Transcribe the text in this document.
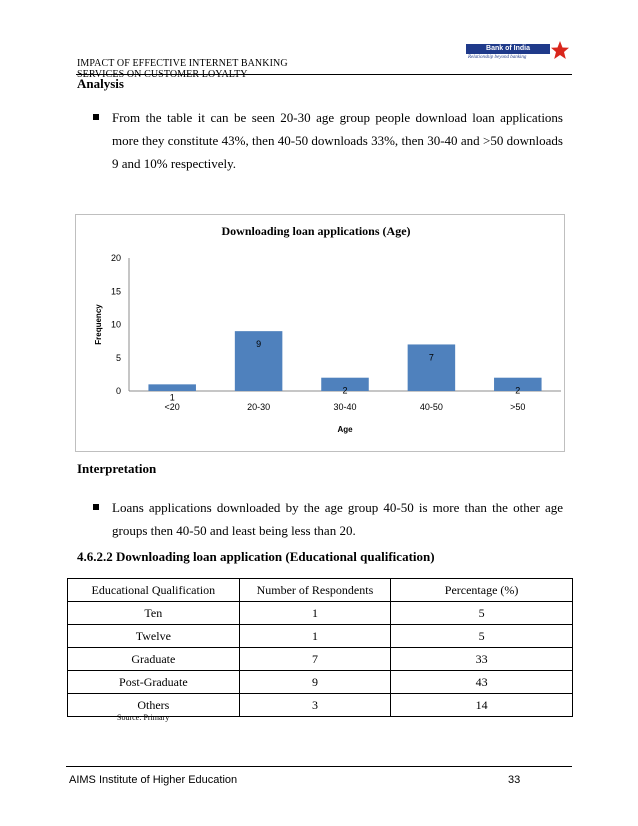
IMPACT OF EFFECTIVE INTERNET BANKING
SERVICES ON CUSTOMER LOYALTY
Bank of India
Relationship beyond banking
Analysis
From the table it can be seen 20-30 age group people download loan applications more they constitute 43%, then 40-50 downloads 33%, then 30-40 and >50 downloads 9 and 10% respectively.
Downloading loan applications (Age)
0
5
10
15
20
Frequency
1
<20
9
20-30
2
30-40
7
40-50
2
>50
Age
Interpretation
Loans applications downloaded by the age group 40-50 is more than the other age groups then 40-50 and least being less than 20.
4.6.2.2 Downloading loan application (Educational qualification)
Educational Qualification	Number of Respondents	Percentage (%)
Ten	1	5
Twelve	1	5
Graduate	7	33
Post-Graduate	9	43
Others	3	14
Source: Primary
AIMS Institute of Higher Education	33
